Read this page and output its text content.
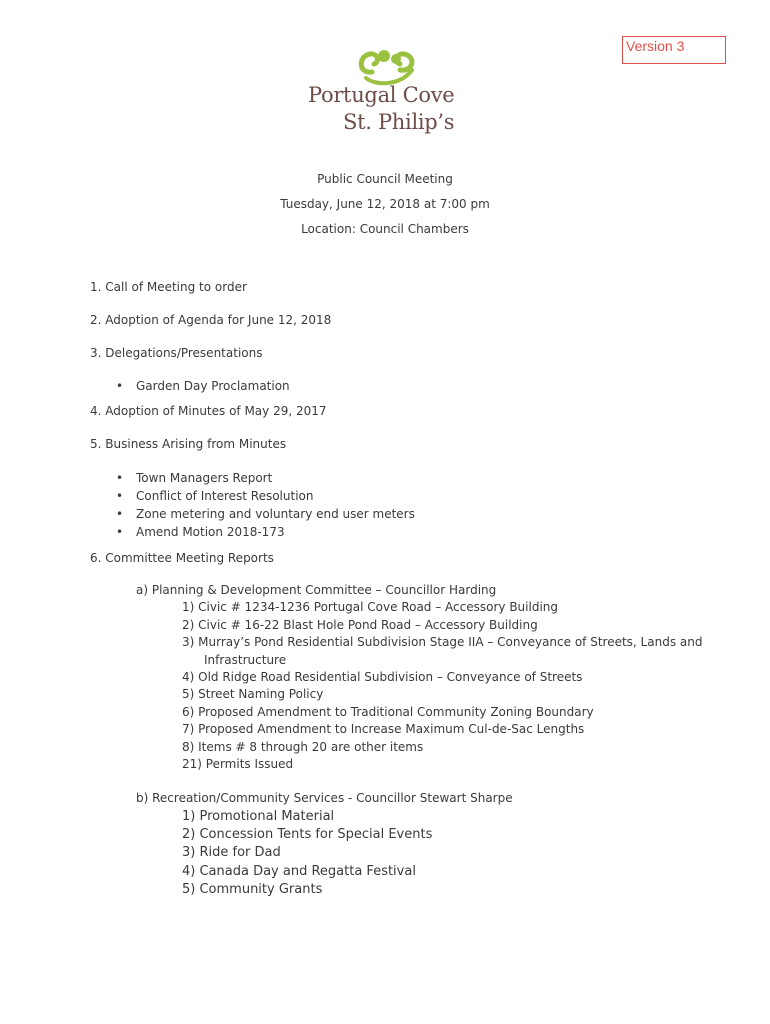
Version 3
Portugal Cove
St. Philip’s
Public Council Meeting
Tuesday, June 12, 2018 at 7:00 pm
Location: Council Chambers
1. Call of Meeting to order
2. Adoption of Agenda for June 12, 2018
3. Delegations/Presentations
• Garden Day Proclamation
4. Adoption of Minutes of May 29, 2017
5. Business Arising from Minutes
• Town Managers Report
• Conflict of Interest Resolution
• Zone metering and voluntary end user meters
• Amend Motion 2018-173
6. Committee Meeting Reports
a) Planning & Development Committee – Councillor Harding
1) Civic # 1234-1236 Portugal Cove Road – Accessory Building
2) Civic # 16-22 Blast Hole Pond Road – Accessory Building
3) Murray’s Pond Residential Subdivision Stage IIA – Conveyance of Streets, Lands and
Infrastructure
4) Old Ridge Road Residential Subdivision – Conveyance of Streets
5) Street Naming Policy
6) Proposed Amendment to Traditional Community Zoning Boundary
7) Proposed Amendment to Increase Maximum Cul-de-Sac Lengths
8) Items # 8 through 20 are other items
21) Permits Issued
b) Recreation/Community Services - Councillor Stewart Sharpe
1) Promotional Material
2) Concession Tents for Special Events
3) Ride for Dad
4) Canada Day and Regatta Festival
5) Community Grants
